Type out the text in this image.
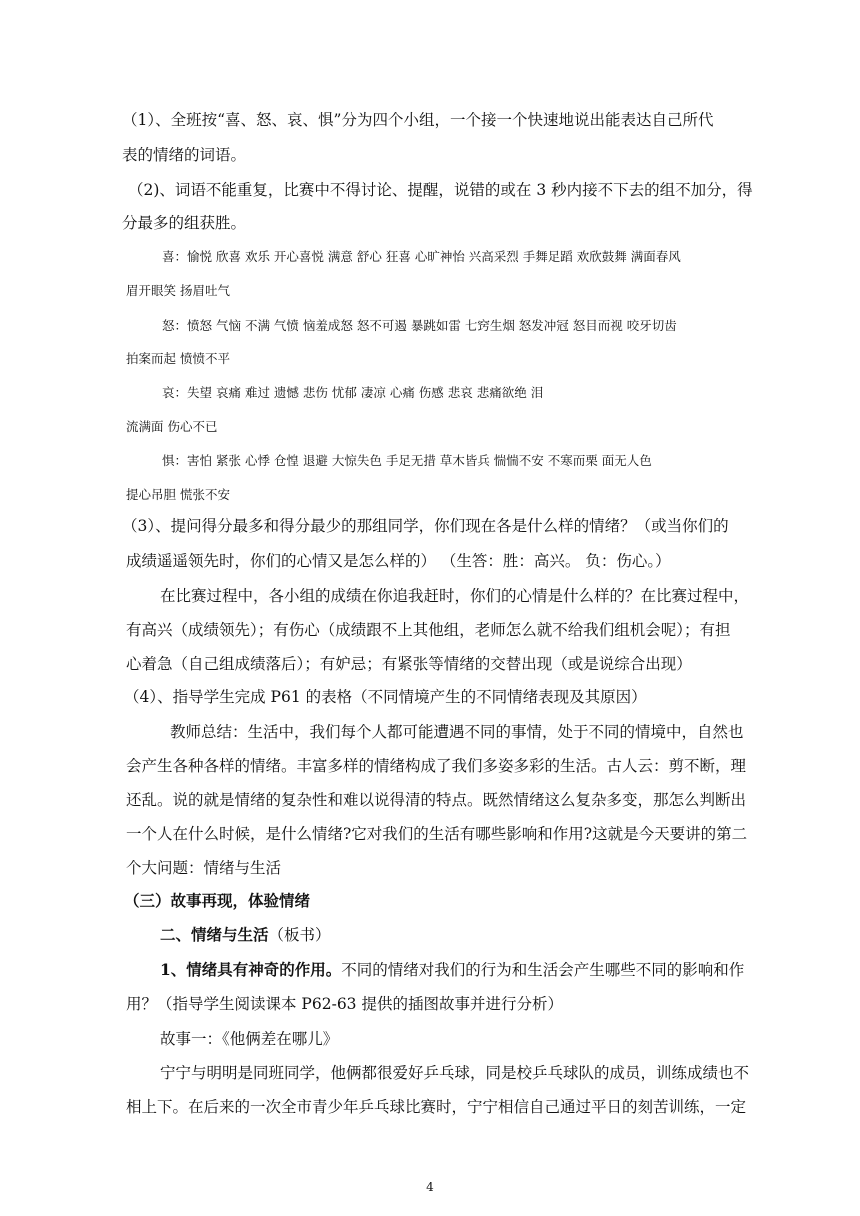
（1）、全班按“喜、怒、哀、惧”分为四个小组，一个接一个快速地说出能表达自己所代
表的情绪的词语。
（2)、词语不能重复，比赛中不得讨论、提醒，说错的或在 3 秒内接不下去的组不加分，得
分最多的组获胜。
喜：愉悦 欣喜 欢乐 开心喜悦 满意 舒心 狂喜 心旷神怡 兴高采烈 手舞足蹈 欢欣鼓舞 满面春风
眉开眼笑 扬眉吐气
怒：愤怒 气恼 不满 气愤 恼羞成怒 怒不可遏 暴跳如雷 七窍生烟 怒发冲冠 怒目而视 咬牙切齿
拍案而起 愤愤不平
哀：失望 哀痛 难过 遗憾 悲伤 忧郁 凄凉 心痛 伤感 悲哀 悲痛欲绝 泪
流满面 伤心不已
惧：害怕 紧张 心悸 仓惶 退避 大惊失色 手足无措 草木皆兵 惴惴不安 不寒而栗 面无人色
提心吊胆 慌张不安
（3）、提问得分最多和得分最少的那组同学，你们现在各是什么样的情绪？（或当你们的
成绩遥遥领先时，你们的心情又是怎么样的） （生答：胜：高兴。 负：伤心。）
在比赛过程中，各小组的成绩在你追我赶时，你们的心情是什么样的？在比赛过程中，
有高兴（成绩领先）；有伤心（成绩跟不上其他组，老师怎么就不给我们组机会呢）；有担
心着急（自己组成绩落后）；有妒忌；有紧张等情绪的交替出现（或是说综合出现）
（4）、指导学生完成 P61 的表格（不同情境产生的不同情绪表现及其原因）
教师总结：生活中，我们每个人都可能遭遇不同的事情，处于不同的情境中，自然也
会产生各种各样的情绪。丰富多样的情绪构成了我们多姿多彩的生活。古人云：剪不断，理
还乱。说的就是情绪的复杂性和难以说得清的特点。既然情绪这么复杂多变，那怎么判断出
一个人在什么时候，是什么情绪?它对我们的生活有哪些影响和作用?这就是今天要讲的第二
个大问题：情绪与生活
（三）故事再现，体验情绪
二、情绪与生活（板书）
1、情绪具有神奇的作用。不同的情绪对我们的行为和生活会产生哪些不同的影响和作
用？（指导学生阅读课本 P62-63 提供的插图故事并进行分析）
故事一：《他俩差在哪儿》
宁宁与明明是同班同学，他俩都很爱好乒乓球，同是校乒乓球队的成员，训练成绩也不
相上下。在后来的一次全市青少年乒乓球比赛时，宁宁相信自己通过平日的刻苦训练，一定
4
